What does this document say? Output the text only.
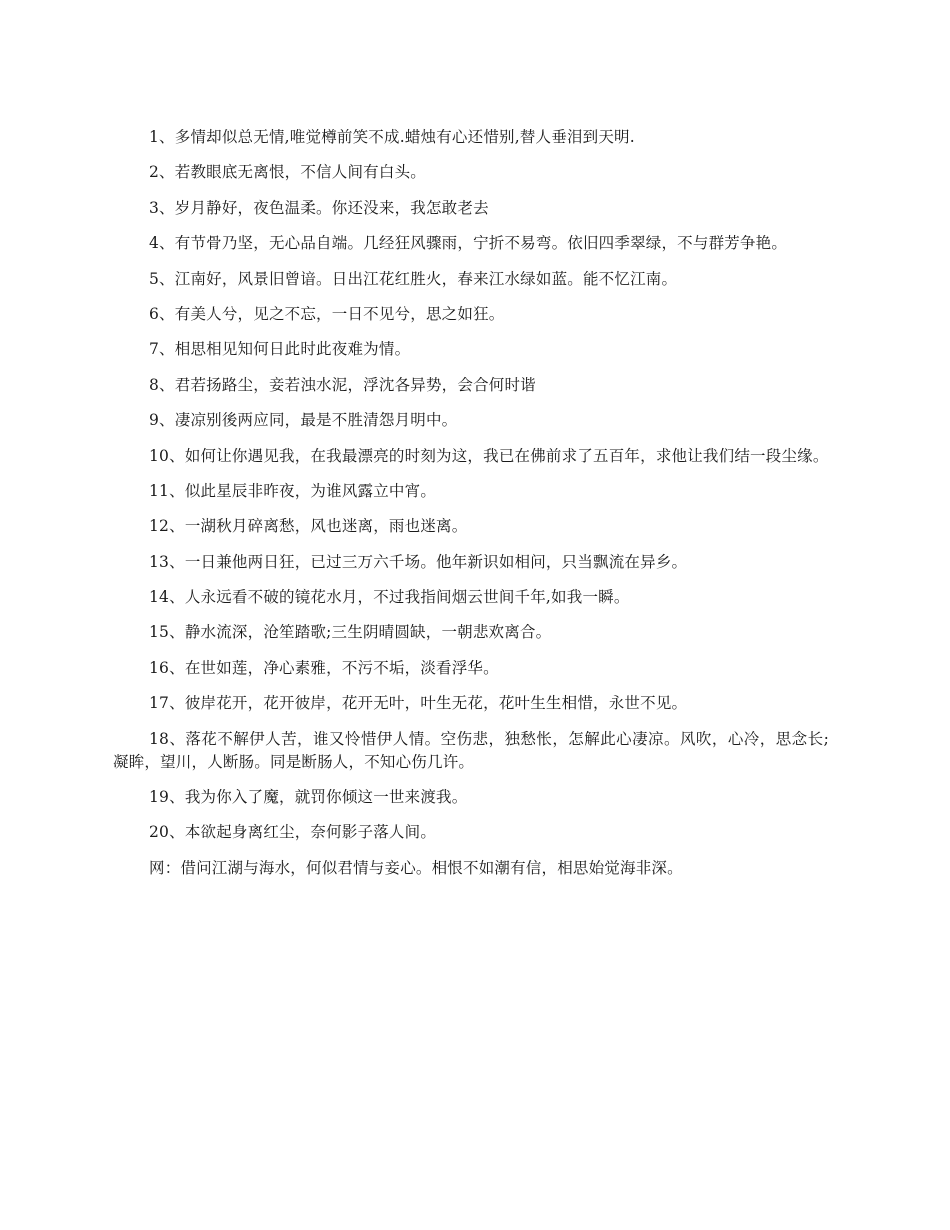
1、多情却似总无情,唯觉樽前笑不成.蜡烛有心还惜别,替人垂泪到天明.

2、若教眼底无离恨，不信人间有白头。

3、岁月静好，夜色温柔。你还没来，我怎敢老去

4、有节骨乃坚，无心品自端。几经狂风骤雨，宁折不易弯。依旧四季翠绿，不与群芳争艳。

5、江南好，风景旧曾谙。日出江花红胜火，春来江水绿如蓝。能不忆江南。

6、有美人兮，见之不忘，一日不见兮，思之如狂。

7、相思相见知何日此时此夜难为情。

8、君若扬路尘，妾若浊水泥，浮沈各异势，会合何时谐

9、凄凉别後两应同，最是不胜清怨月明中。

10、如何让你遇见我，在我最漂亮的时刻为这，我已在佛前求了五百年，求他让我们结一段尘缘。

11、似此星辰非昨夜，为谁风露立中宵。

12、一湖秋月碎离愁，风也迷离，雨也迷离。

13、一日兼他两日狂，已过三万六千场。他年新识如相问，只当飘流在异乡。

14、人永远看不破的镜花水月，不过我指间烟云世间千年,如我一瞬。

15、静水流深，沧笙踏歌;三生阴晴圆缺，一朝悲欢离合。

16、在世如莲，净心素雅，不污不垢，淡看浮华。

17、彼岸花开，花开彼岸，花开无叶，叶生无花，花叶生生相惜，永世不见。

18、落花不解伊人苦，谁又怜惜伊人情。空伤悲，独愁怅，怎解此心凄凉。风吹，心冷，思念长;凝眸，望川，人断肠。同是断肠人，不知心伤几许。

19、我为你入了魔，就罚你倾这一世来渡我。

20、本欲起身离红尘，奈何影子落人间。

网：借问江湖与海水，何似君情与妾心。相恨不如潮有信，相思始觉海非深。
